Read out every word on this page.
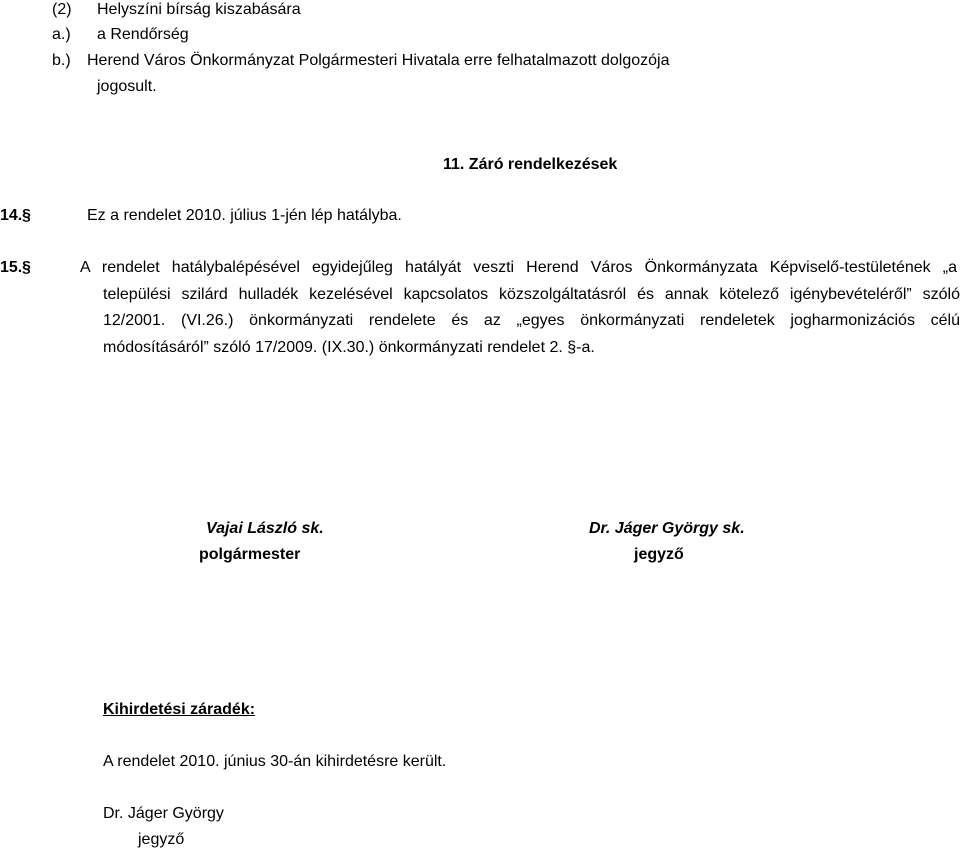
(2) Helyszíni bírság kiszabására
a.) a Rendőrség
b.) Herend Város Önkormányzat Polgármesteri Hivatala erre felhatalmazott dolgozója
jogosult.
11. Záró rendelkezések
14. §	Ez a rendelet 2010. július 1-jén lép hatályba.
15. §	A rendelet hatálybalépésével egyidejűleg hatályát veszti Herend Város Önkormányzata Képviselő-testületének „a
települési szilárd hulladék kezelésével kapcsolatos közszolgáltatásról és annak kötelező igénybevételéről” szóló
12/2001. (VI.26.) önkormányzati rendelete és az „egyes önkormányzati rendeletek jogharmonizációs célú
módosításáról” szóló 17/2009. (IX.30.) önkormányzati rendelet 2. §-a.
Vajai László sk.
polgármester
Dr. Jáger György sk.
jegyző
Kihirdetési záradék:
A rendelet 2010. június 30-án kihirdetésre került.
Dr. Jáger György
jegyző
